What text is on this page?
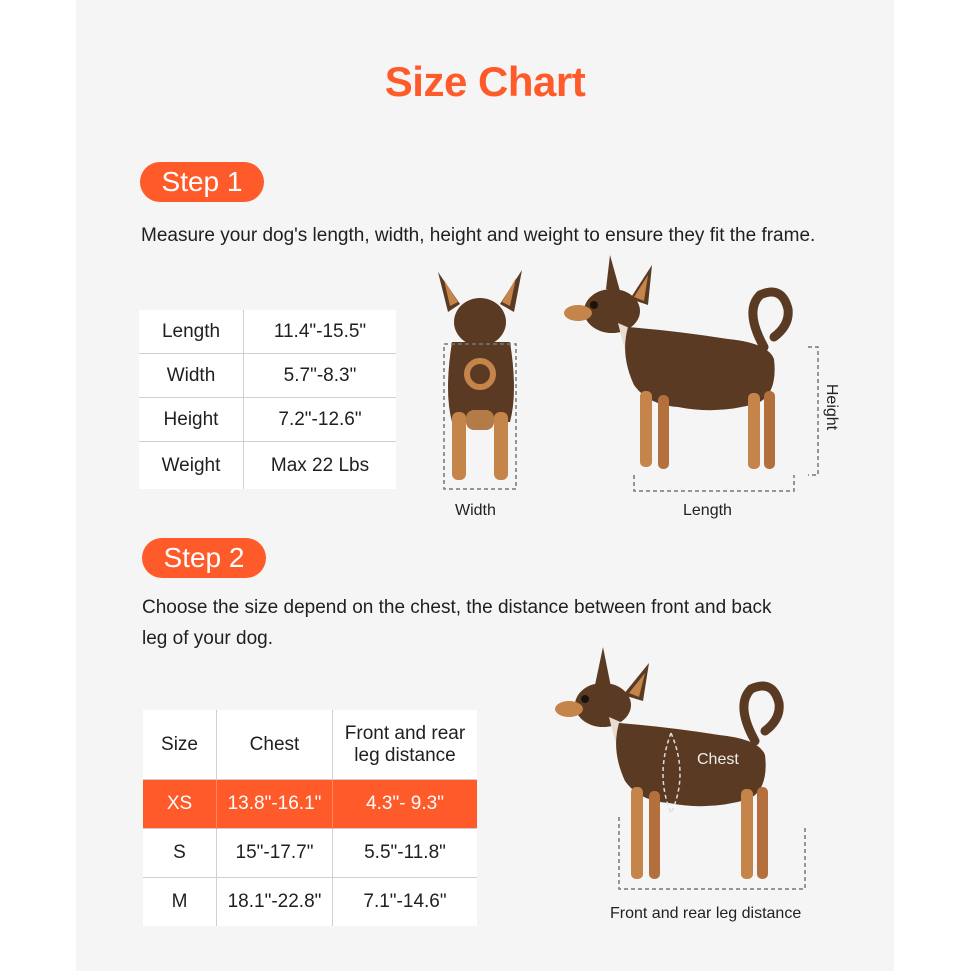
Size Chart
Step 1
Measure your dog's length, width, height and weight to ensure they fit the frame.
Length	11.4"-15.5"
Width	5.7"-8.3"
Height	7.2"-12.6"
Weight	Max 22 Lbs
Width	Length
Height
Step 2
Choose the size depend on the chest, the distance between front and back
leg of your dog.
Size	Chest	Front and rear
leg distance
XS	13.8"-16.1"	4.3"- 9.3"
S	15"-17.7"	5.5"-11.8"
M	18.1"-22.8"	7.1"-14.6"
Chest
Front and rear leg distance
